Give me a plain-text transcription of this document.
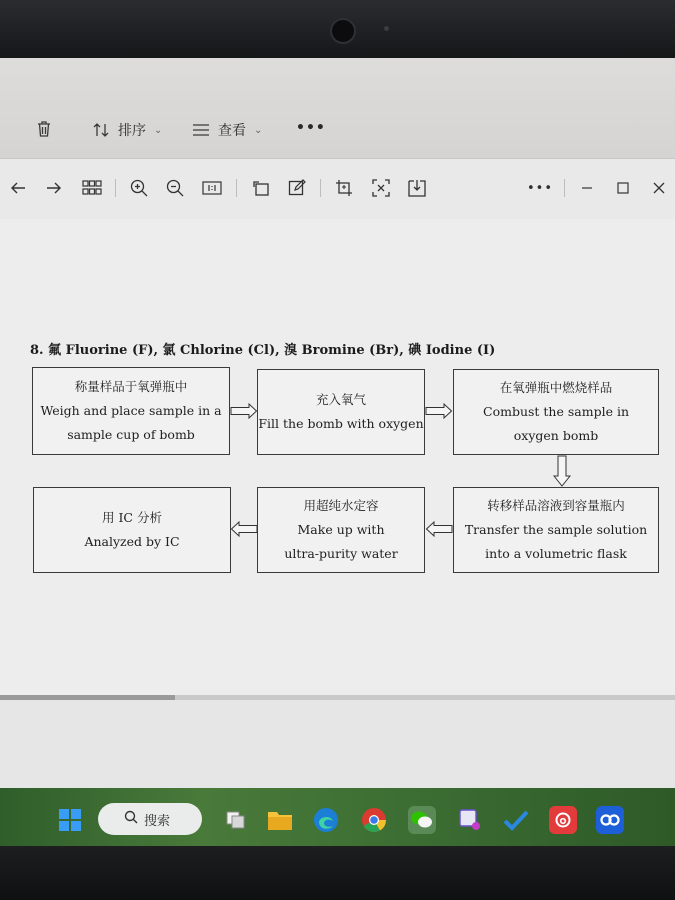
排序 ⌄	查看 ⌄ •••
•••
8. 氟 Fluorine (F), 氯 Chlorine (Cl), 溴 Bromine (Br), 碘 Iodine (I)
称量样品于氧弹瓶中
Weigh and place sample in a
sample cup of bomb
充入氧气
Fill the bomb with oxygen
在氧弹瓶中燃烧样品
Combust the sample in
oxygen bomb
用 IC 分析
Analyzed by IC
用超纯水定容
Make up with
ultra-purity water
转移样品溶液到容量瓶内
Transfer the sample solution
into a volumetric flask
搜索
